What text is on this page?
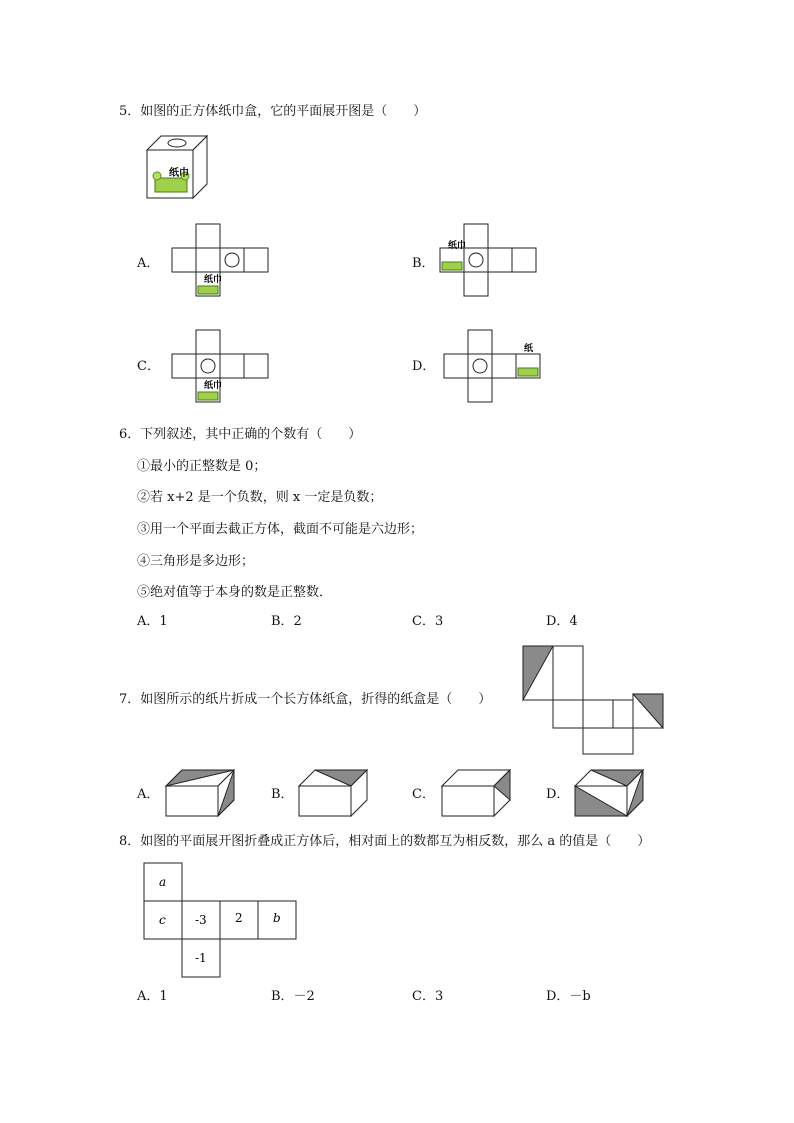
5．如图的正方体纸巾盒，它的平面展开图是（　　）
纸巾
A．
纸巾
B．
纸巾
C．
纸巾
D．
纸
6．下列叙述，其中正确的个数有（　　）
①最小的正整数是 0；
②若 x+2 是一个负数，则 x 一定是负数；
③用一个平面去截正方体，截面不可能是六边形；
④三角形是多边形；
⑤绝对值等于本身的数是正整数．
A．1	B．2	C．3	D．4
7．如图所示的纸片折成一个长方体纸盒，折得的纸盒是（　　）
A．	B．	C．	D．
8．如图的平面展开图折叠成正方体后，相对面上的数都互为相反数，那么 a 的值是（　　）
a
c -3 2	b
-1
A．1	B．－2	C．3	D．－b
